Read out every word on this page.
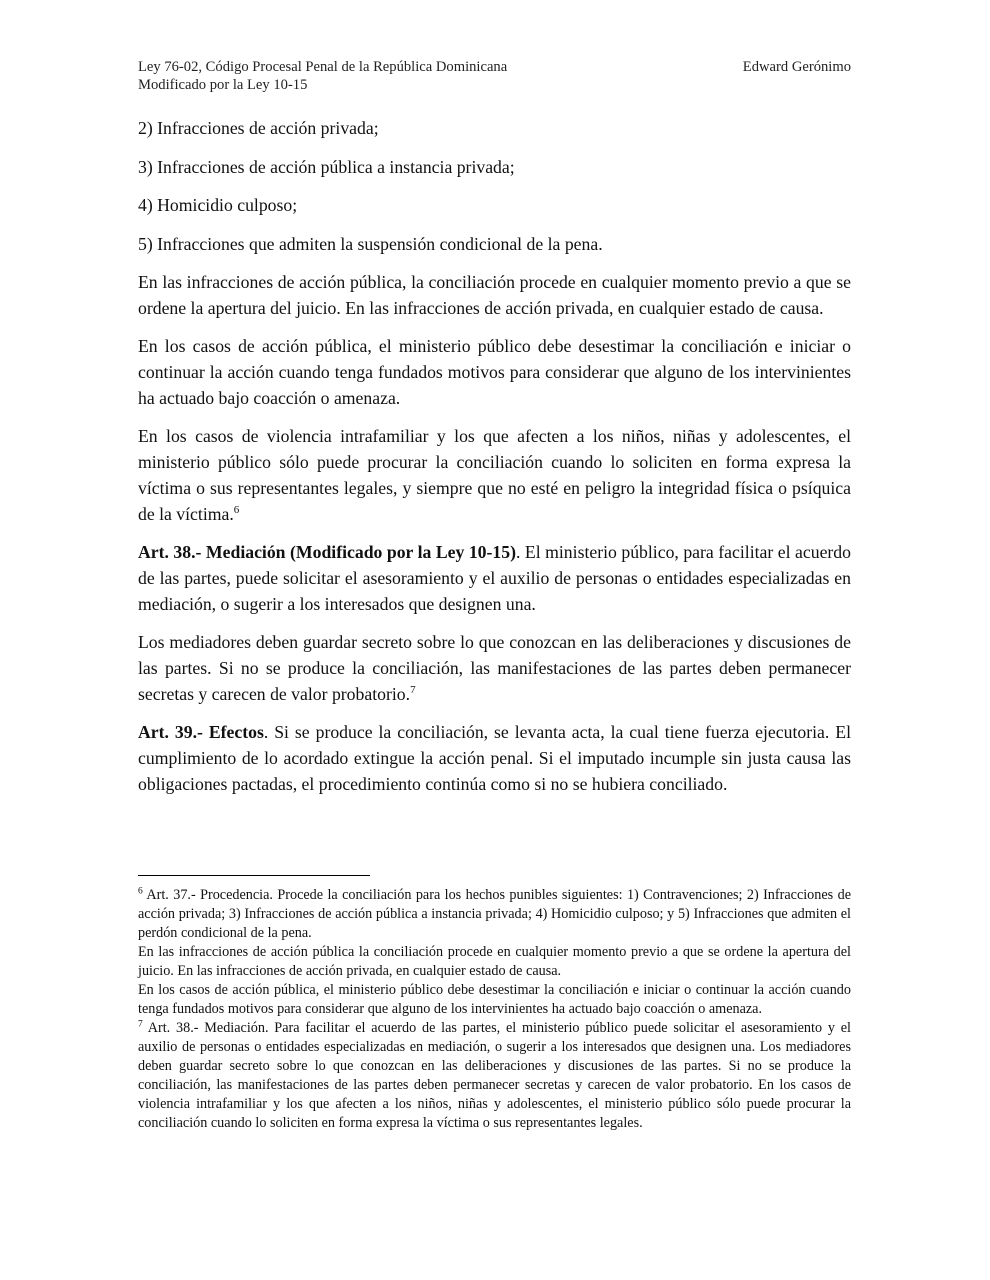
Ley 76-02, Código Procesal Penal de la República Dominicana
Modificado por la Ley 10-15
Edward Gerónimo

2) Infracciones de acción privada;

3) Infracciones de acción pública a instancia privada;

4) Homicidio culposo;

5) Infracciones que admiten la suspensión condicional de la pena.

En las infracciones de acción pública, la conciliación procede en cualquier momento previo a que se ordene la apertura del juicio. En las infracciones de acción privada, en cualquier estado de causa.

En los casos de acción pública, el ministerio público debe desestimar la conciliación e iniciar o continuar la acción cuando tenga fundados motivos para considerar que alguno de los intervinientes ha actuado bajo coacción o amenaza.

En los casos de violencia intrafamiliar y los que afecten a los niños, niñas y adolescentes, el ministerio público sólo puede procurar la conciliación cuando lo soliciten en forma expresa la víctima o sus representantes legales, y siempre que no esté en peligro la integridad física o psíquica de la víctima.$^6$

Art. 38.- Mediación (Modificado por la Ley 10-15). El ministerio público, para facilitar el acuerdo de las partes, puede solicitar el asesoramiento y el auxilio de personas o entidades especializadas en mediación, o sugerir a los interesados que designen una.

Los mediadores deben guardar secreto sobre lo que conozcan en las deliberaciones y discusiones de las partes. Si no se produce la conciliación, las manifestaciones de las partes deben permanecer secretas y carecen de valor probatorio.$^7$

Art. 39.- Efectos. Si se produce la conciliación, se levanta acta, la cual tiene fuerza ejecutoria. El cumplimiento de lo acordado extingue la acción penal. Si el imputado incumple sin justa causa las obligaciones pactadas, el procedimiento continúa como si no se hubiera conciliado.

$^6$ Art. 37.- Procedencia. Procede la conciliación para los hechos punibles siguientes: 1) Contravenciones; 2) Infracciones de acción privada; 3) Infracciones de acción pública a instancia privada; 4) Homicidio culposo; y 5) Infracciones que admiten el perdón condicional de la pena.

En las infracciones de acción pública la conciliación procede en cualquier momento previo a que se ordene la apertura del juicio. En las infracciones de acción privada, en cualquier estado de causa.

En los casos de acción pública, el ministerio público debe desestimar la conciliación e iniciar o continuar la acción cuando tenga fundados motivos para considerar que alguno de los intervinientes ha actuado bajo coacción o amenaza.

$^7$ Art. 38.- Mediación. Para facilitar el acuerdo de las partes, el ministerio público puede solicitar el asesoramiento y el auxilio de personas o entidades especializadas en mediación, o sugerir a los interesados que designen una. Los mediadores deben guardar secreto sobre lo que conozcan en las deliberaciones y discusiones de las partes. Si no se produce la conciliación, las manifestaciones de las partes deben permanecer secretas y carecen de valor probatorio. En los casos de violencia intrafamiliar y los que afecten a los niños, niñas y adolescentes, el ministerio público sólo puede procurar la conciliación cuando lo soliciten en forma expresa la víctima o sus representantes legales.
